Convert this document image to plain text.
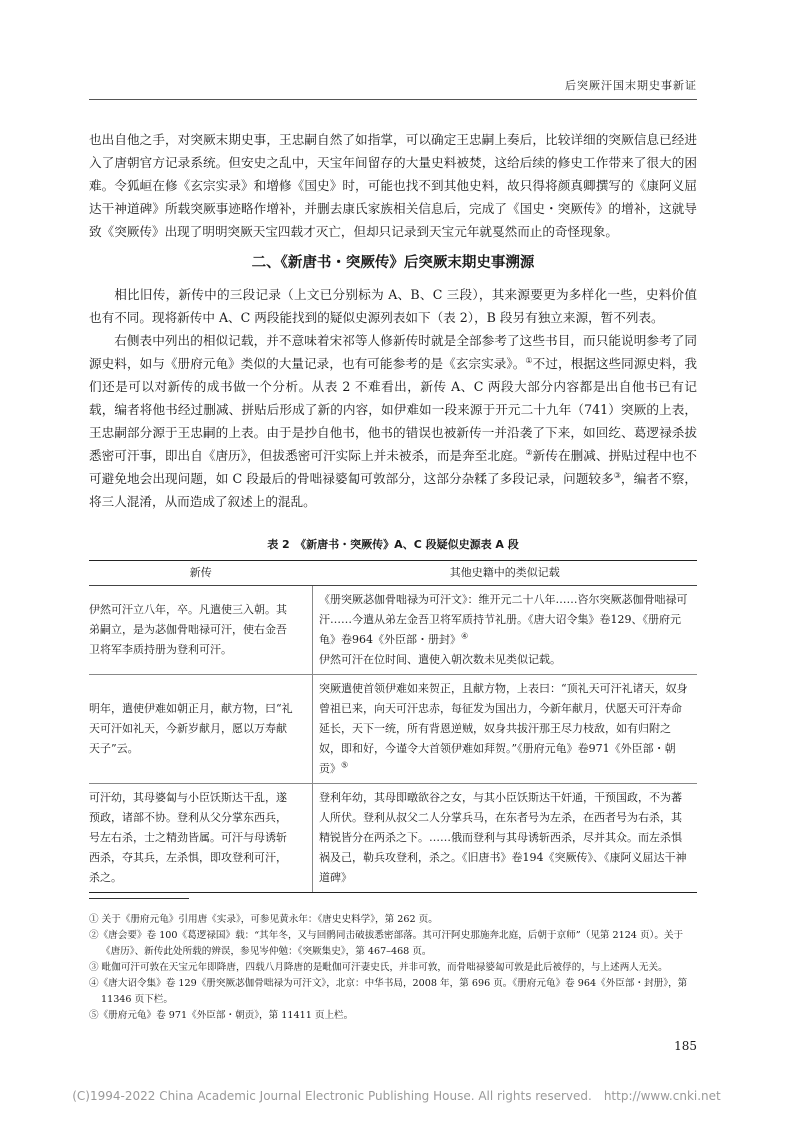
后突厥汗国末期史事新证

也出自他之手，对突厥末期史事，王忠嗣自然了如指掌，可以确定王忠嗣上奏后，比较详细的突厥信息已经进入了唐朝官方记录系统。但安史之乱中，天宝年间留存的大量史料被焚，这给后续的修史工作带来了很大的困难。令狐峘在修《玄宗实录》和增修《国史》时，可能也找不到其他史料，故只得将颜真卿撰写的《康阿义屈达干神道碑》所载突厥事迹略作增补，并删去康氏家族相关信息后，完成了《国史・突厥传》的增补，这就导致《突厥传》出现了明明突厥天宝四载才灭亡，但却只记录到天宝元年就戛然而止的奇怪现象。

二、《新唐书・突厥传》后突厥末期史事溯源

相比旧传，新传中的三段记录（上文已分别标为 A、B、C 三段），其来源要更为多样化一些，史料价值也有不同。现将新传中 A、C 两段能找到的疑似史源列表如下（表 2），B 段另有独立来源，暂不列表。

右侧表中列出的相似记载，并不意味着宋祁等人修新传时就是全部参考了这些书目，而只能说明参考了同源史料，如与《册府元龟》类似的大量记录，也有可能参考的是《玄宗实录》。①不过，根据这些同源史料，我们还是可以对新传的成书做一个分析。从表 2 不难看出，新传 A、C 两段大部分内容都是出自他书已有记载，编者将他书经过删减、拼贴后形成了新的内容，如伊难如一段来源于开元二十九年（741）突厥的上表，王忠嗣部分源于王忠嗣的上表。由于是抄自他书，他书的错误也被新传一并沿袭了下来，如回纥、葛逻禄杀拔悉密可汗事，即出自《唐历》，但拔悉密可汗实际上并未被杀，而是奔至北庭。②新传在删减、拼贴过程中也不可避免地会出现问题，如 C 段最后的骨咄禄婆匐可敦部分，这部分杂糅了多段记录，问题较多③，编者不察，将三人混淆，从而造成了叙述上的混乱。

表 2　《新唐书・突厥传》A、C 段疑似史源表 A 段
新传	其他史籍中的类似记载
伊然可汗立八年，卒。凡遣使三入朝。其弟嗣立，是为苾伽骨咄禄可汗，使右金吾卫将军李质持册为登利可汗。	《册突厥苾伽骨咄禄为可汗文》：维开元二十八年……咨尔突厥苾伽骨咄禄可汗……今遣从弟左金吾卫将军质持节礼册。《唐大诏令集》卷129、《册府元龟》卷964《外臣部・册封》④
伊然可汗在位时间、遣使入朝次数未见类似记载。
明年，遣使伊难如朝正月，献方物，曰“礼天可汗如礼天，今新岁献月，愿以万寿献天子”云。	突厥遣使首领伊难如来贺正，且献方物，上表曰：“顶礼天可汗礼诸天，奴身曾祖已来，向天可汗忠赤，每征发为国出力，今新年献月，伏愿天可汗寿命延长，天下一统，所有背恩逆贼，奴身共拔汗那王尽力枝敌，如有归附之奴，即和好，今谨令大首领伊难如拜贺。”《册府元龟》卷971《外臣部・朝贡》⑤
可汗幼，其母婆匐与小臣饫斯达干乱，遂预政，诸部不协。登利从父分掌东西兵，号左右杀，士之精劲皆属。可汗与母诱斩西杀，夺其兵，左杀惧，即攻登利可汗，杀之。	登利年幼，其母即暾欲谷之女，与其小臣饫斯达干奸通，干预国政，不为蕃人所伏。登利从叔父二人分掌兵马，在东者号为左杀，在西者号为右杀，其精锐皆分在两杀之下。……俄而登利与其母诱斩西杀，尽并其众。而左杀惧祸及己，勒兵攻登利，杀之。《旧唐书》卷194《突厥传》、《康阿义屈达干神道碑》
① 关于《册府元龟》引用唐《实录》，可参见黄永年：《唐史史料学》，第 262 页。
②《唐会要》卷 100《葛逻禄国》载：“其年冬，又与回鹘同击破拔悉密部落。其可汗阿史那施奔北庭，后朝于京师”（见第 2124 页）。关于《唐历》、新传此处所载的辨误，参见岑仲勉：《突厥集史》，第 467–468 页。
③ 毗伽可汗可敦在天宝元年即降唐，四载八月降唐的是毗伽可汗妻史氏，并非可敦，而骨咄禄婆匐可敦是此后被俘的，与上述两人无关。
④《唐大诏令集》卷 129《册突厥苾伽骨咄禄为可汗文》，北京：中华书局，2008 年，第 696 页。《册府元龟》卷 964《外臣部・封册》，第 11346 页下栏。
⑤《册府元龟》卷 971《外臣部・朝贡》，第 11411 页上栏。
185
(C)1994-2022 China Academic Journal Electronic Publishing House. All rights reserved.　http://www.cnki.net
